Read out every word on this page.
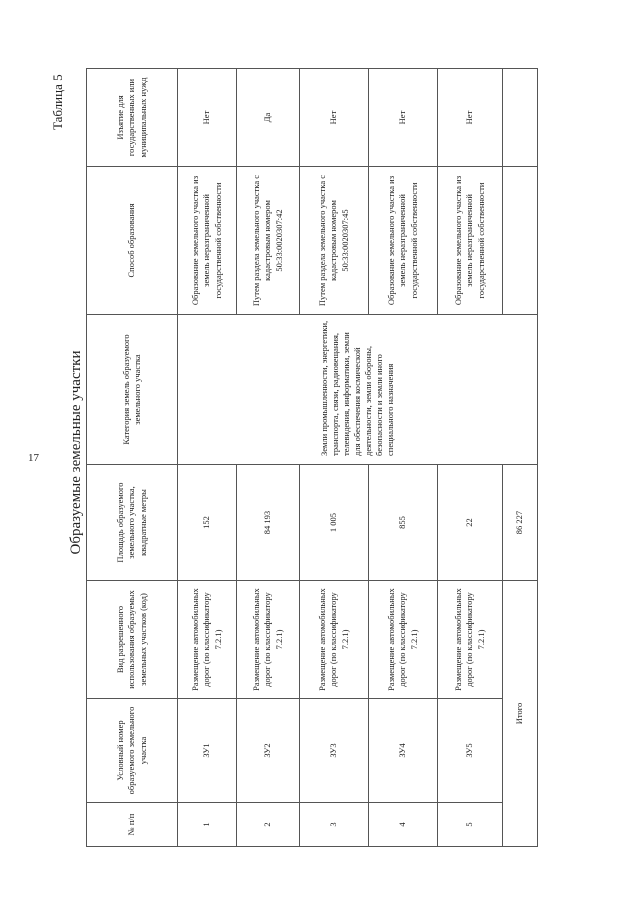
17
Таблица 5
Образуемые земельные участки
№ п/п	Условный номер образуемого земельного участка	Вид разрешенного использования образуемых земельных участков (код)	Площадь образуемого земельного участка, квадратные метры	Категория земель образуемого земельного участка	Способ образования	Изъятие для государственных или муниципальных нужд
1	ЗУ1	Размещение автомобильных дорог (по классификатору 7.2.1)	152	Земли промышленности, энергетики, транспорта, связи, радиовещания, телевидения, информатики, земли для обеспечения космической деятельности, земли обороны, безопасности и земли иного специального назначения	Образование земельного участка из земель неразграниченной государственной собственности	Нет
2	ЗУ2	Размещение автомобильных дорог (по классификатору 7.2.1)	84 193		Путем раздела земельного участка с кадастровым номером 50:33:0020307:42	Да
3	ЗУ3	Размещение автомобильных дорог (по классификатору 7.2.1)	1 005		Путем раздела земельного участка с кадастровым номером 50:33:0020307:45	Нет
4	ЗУ4	Размещение автомобильных дорог (по классификатору 7.2.1)	855		Образование земельного участка из земель неразграниченной государственной собственности	Нет
5	ЗУ5	Размещение автомобильных дорог (по классификатору 7.2.1)	22		Образование земельного участка из земель неразграниченной государственной собственности	Нет
Итого			86 227			
